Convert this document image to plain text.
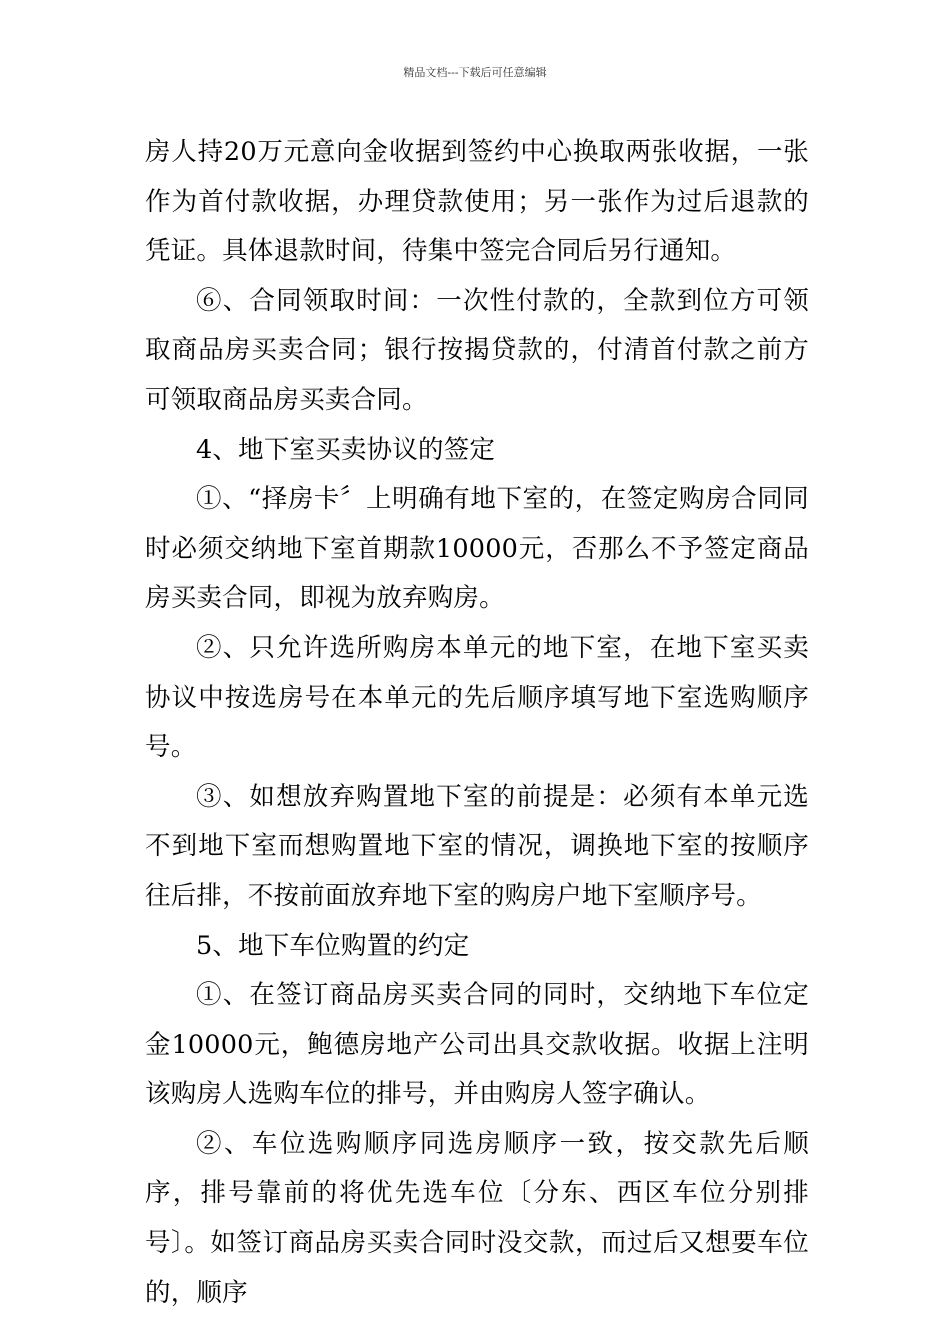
精品文档---下载后可任意编辑

房人持20万元意向金收据到签约中心换取两张收据，一张作为首付款收据，办理贷款使用；另一张作为过后退款的凭证。具体退款时间，待集中签完合同后另行通知。

⑥、合同领取时间：一次性付款的，全款到位方可领取商品房买卖合同；银行按揭贷款的，付清首付款之前方可领取商品房买卖合同。

4、地下室买卖协议的签定

①、“择房卡〞上明确有地下室的，在签定购房合同同时必须交纳地下室首期款10000元，否那么不予签定商品房买卖合同，即视为放弃购房。

②、只允许选所购房本单元的地下室，在地下室买卖协议中按选房号在本单元的先后顺序填写地下室选购顺序号。

③、如想放弃购置地下室的前提是：必须有本单元选不到地下室而想购置地下室的情况，调换地下室的按顺序往后排，不按前面放弃地下室的购房户地下室顺序号。

5、地下车位购置的约定

①、在签订商品房买卖合同的同时，交纳地下车位定金10000元，鲍德房地产公司出具交款收据。收据上注明该购房人选购车位的排号，并由购房人签字确认。

②、车位选购顺序同选房顺序一致，按交款先后顺序，排号靠前的将优先选车位〔分东、西区车位分别排号〕。如签订商品房买卖合同时没交款，而过后又想要车位的，顺序
